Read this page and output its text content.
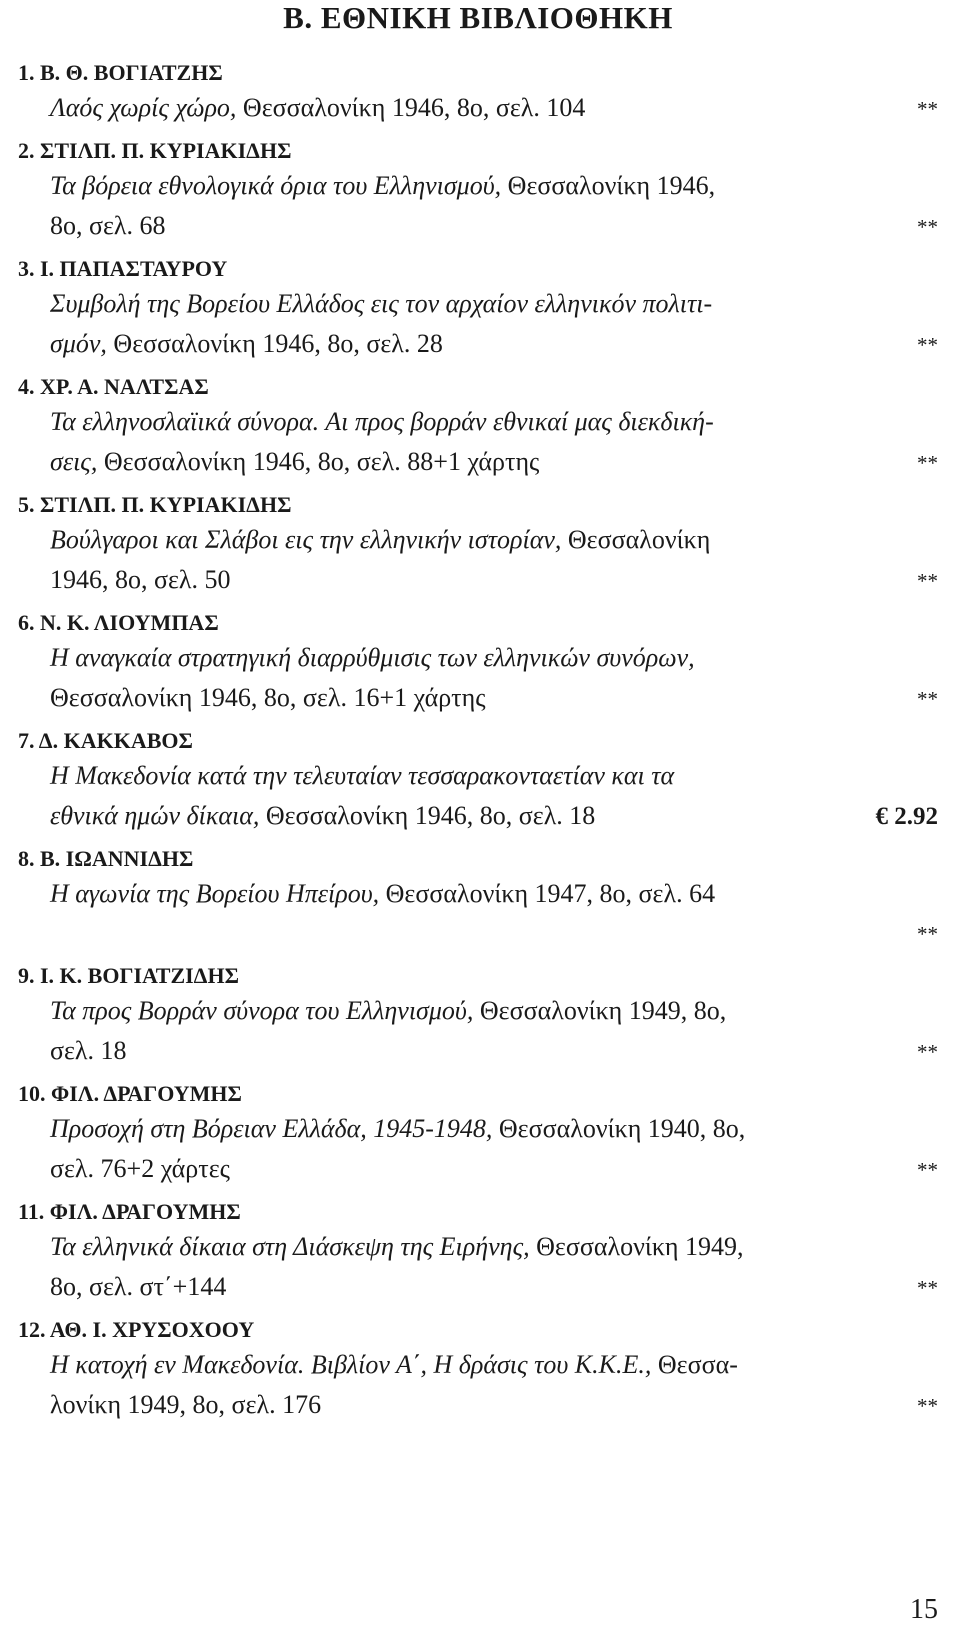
Β. ΕΘΝΙΚΗ ΒΙΒΛΙΟΘΗΚΗ
1. Β. Θ. ΒΟΓΙΑΤΖΗΣ
Λαός χωρίς χώρο, Θεσσαλονίκη 1946, 8ο, σελ. 104	**
2. ΣΤΙΛΠ. Π. ΚΥΡΙΑΚΙΔΗΣ
Τα βόρεια εθνολογικά όρια του Ελληνισμού, Θεσσαλονίκη 1946,
8ο, σελ. 68	**
3. Ι. ΠΑΠΑΣΤΑΥΡΟΥ
Συμβολή της Βορείου Ελλάδος εις τον αρχαίον ελληνικόν πολιτι-
σμόν, Θεσσαλονίκη 1946, 8ο, σελ. 28	**
4. ΧΡ. Α. ΝΑΛΤΣΑΣ
Τα ελληνοσλαϊικά σύνορα. Αι προς βορράν εθνικαί μας διεκδική-
σεις, Θεσσαλονίκη 1946, 8ο, σελ. 88+1 χάρτης	**
5. ΣΤΙΛΠ. Π. ΚΥΡΙΑΚΙΔΗΣ
Βούλγαροι και Σλάβοι εις την ελληνικήν ιστορίαν, Θεσσαλονίκη
1946, 8ο, σελ. 50	**
6. Ν. Κ. ΛΙΟΥΜΠΑΣ
Η αναγκαία στρατηγική διαρρύθμισις των ελληνικών συνόρων,
Θεσσαλονίκη 1946, 8ο, σελ. 16+1 χάρτης	**
7. Δ. ΚΑΚΚΑΒΟΣ
Η Μακεδονία κατά την τελευταίαν τεσσαρακονταετίαν και τα
εθνικά ημών δίκαια, Θεσσαλονίκη 1946, 8ο, σελ. 18	€ 2.92
8. Β. ΙΩΑΝΝΙΔΗΣ
Η αγωνία της Βορείου Ηπείρου, Θεσσαλονίκη 1947, 8ο, σελ. 64
**
9. Ι. Κ. ΒΟΓΙΑΤΖΙΔΗΣ
Τα προς Βορράν σύνορα του Ελληνισμού, Θεσσαλονίκη 1949, 8ο,
σελ. 18	**
10. ΦΙΛ. ΔΡΑΓΟΥΜΗΣ
Προσοχή στη Βόρειαν Ελλάδα, 1945-1948, Θεσσαλονίκη 1940, 8ο,
σελ. 76+2 χάρτες	**
11. ΦΙΛ. ΔΡΑΓΟΥΜΗΣ
Τα ελληνικά δίκαια στη Διάσκεψη της Ειρήνης, Θεσσαλονίκη 1949,
8ο, σελ. στ΄+144	**
12. ΑΘ. Ι. ΧΡΥΣΟΧΟΟΥ
Η κατοχή εν Μακεδονία. Βιβλίον Α΄, Η δράσις του Κ.Κ.Ε., Θεσσα-
λονίκη 1949, 8ο, σελ. 176	**
15
